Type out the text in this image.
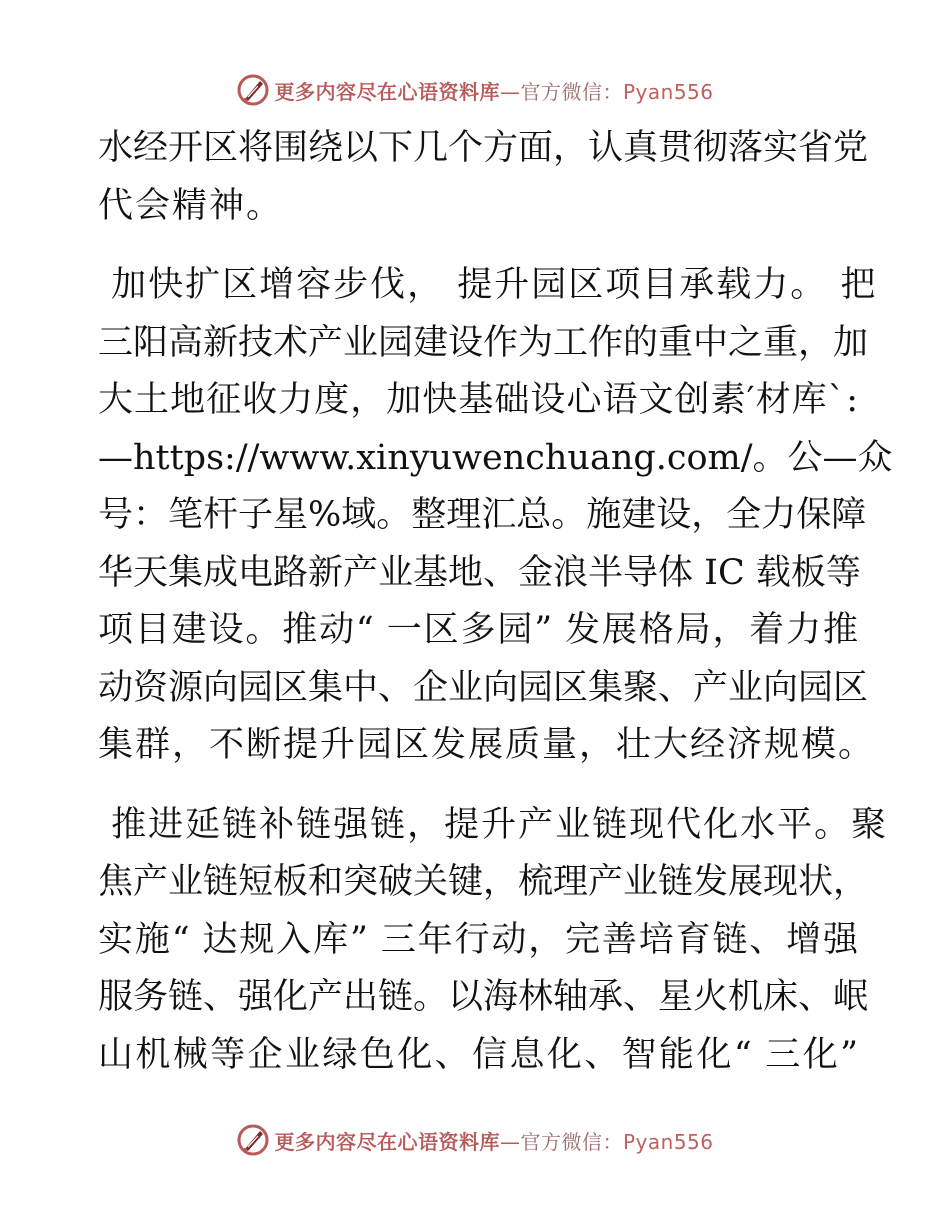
更多内容尽在心语资料库—官方微信：Pyan556
水经开区将围绕以下几个方面，认真贯彻落实省党
代会精神。
加快扩区增容步伐， 提升园区项目承载力。 把
三阳高新技术产业园建设作为工作的重中之重，加
大土地征收力度，加快基础设心语文创素′材库ˋ:
—https://www.xinyuwenchuang.com/。公—众
号：笔杆子星%域。整理汇总。施建设，全力保障
华天集成电路新产业基地、金浪半导体 IC 载板等
项目建设。推动“ 一区多园” 发展格局，着力推
动资源向园区集中、企业向园区集聚、产业向园区
集群，不断提升园区发展质量，壮大经济规模。
推进延链补链强链，提升产业链现代化水平。聚
焦产业链短板和突破关键，梳理产业链发展现状，
实施“ 达规入库” 三年行动，完善培育链、增强
服务链、强化产出链。以海林轴承、星火机床、岷
山机械等企业绿色化、信息化、智能化“ 三化”
更多内容尽在心语资料库—官方微信：Pyan556
